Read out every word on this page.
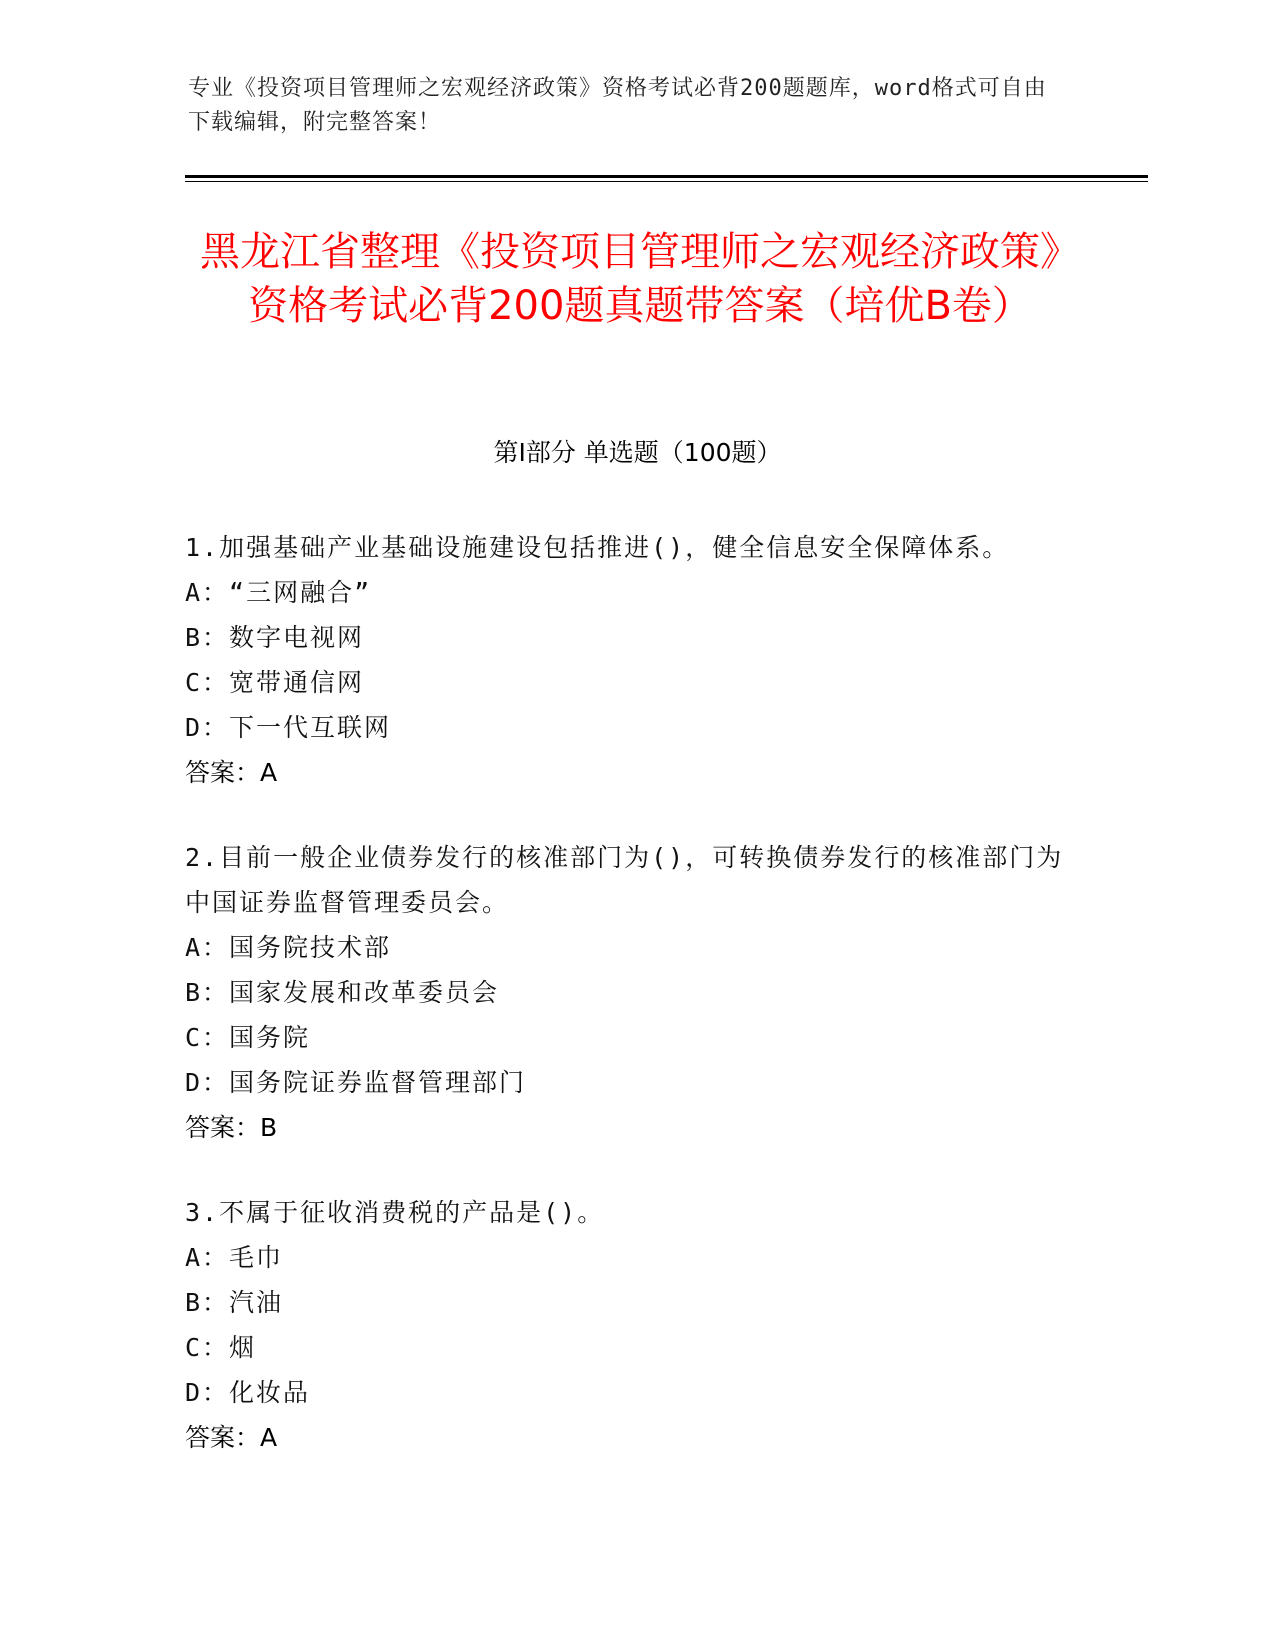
专业《投资项目管理师之宏观经济政策》资格考试必背200题题库，word格式可自由下载编辑，附完整答案！
黑龙江省整理《投资项目管理师之宏观经济政策》资格考试必背200题真题带答案（培优B卷）
第I部分 单选题（100题）
1.加强基础产业基础设施建设包括推进()，健全信息安全保障体系。
A：“三网融合”
B：数字电视网
C：宽带通信网
D：下一代互联网
答案：A
2.目前一般企业债券发行的核准部门为()，可转换债券发行的核准部门为中国证券监督管理委员会。
A：国务院技术部
B：国家发展和改革委员会
C：国务院
D：国务院证券监督管理部门
答案：B
3.不属于征收消费税的产品是()。
A：毛巾
B：汽油
C：烟
D：化妆品
答案：A
